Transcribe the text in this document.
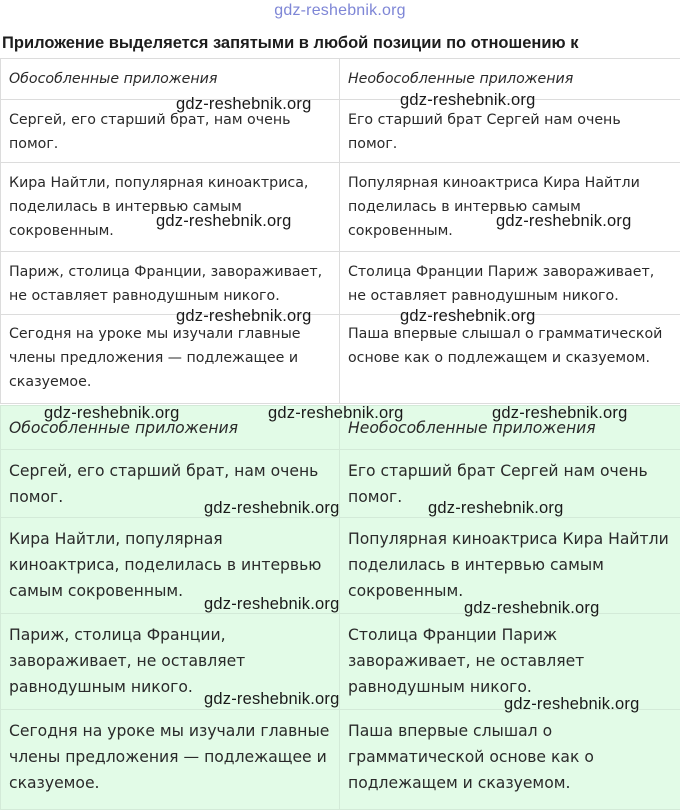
gdz-reshebnik.org
Приложение выделяется запятыми в любой позиции по отношению к
Обособленные приложения	Необособленные приложения
Сергей, его старший брат, нам очень помог.	Его старший брат Сергей нам очень помог.
Кира Найтли, популярная киноактриса, поделилась в интервью самым сокровенным.	Популярная киноактриса Кира Найтли поделилась в интервью самым сокровенным.
Париж, столица Франции, завораживает, не оставляет равнодушным никого.	Столица Франции Париж завораживает, не оставляет равнодушным никого.
Сегодня на уроке мы изучали главные члены предложения — подлежащее и сказуемое.	Паша впервые слышал о грамматической основе как о подлежащем и сказуемом.
Обособленные приложения	Необособленные приложения
Сергей, его старший брат, нам очень помог.	Его старший брат Сергей нам очень помог.
Кира Найтли, популярная киноактриса, поделилась в интервью самым сокровенным.	Популярная киноактриса Кира Найтли поделилась в интервью самым сокровенным.
Париж, столица Франции, завораживает, не оставляет равнодушным никого.	Столица Франции Париж завораживает, не оставляет равнодушным никого.
Сегодня на уроке мы изучали главные члены предложения — подлежащее и сказуемое.	Паша впервые слышал о грамматической основе как о подлежащем и сказуемом.
gdz-reshebnik.org	gdz-reshebnik.org
gdz-reshebnik.org	gdz-reshebnik.org
gdz-reshebnik.org	gdz-reshebnik.org
gdz-reshebnik.org	gdz-reshebnik.org	gdz-reshebnik.org
gdz-reshebnik.org	gdz-reshebnik.org
gdz-reshebnik.org	gdz-reshebnik.org
gdz-reshebnik.org	gdz-reshebnik.org
